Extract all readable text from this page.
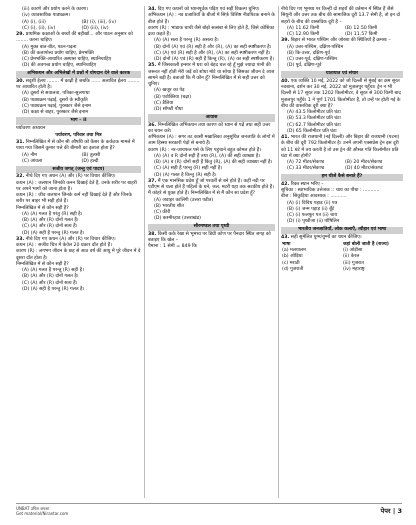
(iii) कारणे और प्रयोग करने के कारण।
(iv) व्यावसायिक पाठ्यक्रम।
(A) (i), (iii)	(B) (i), (iii), (iv)
(C) (i), (ii), (iv)	(D) (iii), (iv)
29. प्राथमिक कक्षाओं के बच्चों की बहीखों... और पाठन अनुसार को ........ करना चाहिए।
(A) मुक्त बात-बीत, पठन-पढ़ना
(B) की कलापोत्त्व प्रयोग चाहिए, प्रेमभक्ति
(C) प्रेमभक्ति-आधारित अस्यास चाहिए, स्थानिचाहिए
(D) की अवगत्त्व प्रयोग चाहिए, स्थानिचाहिए
अभिकथन और अभिलेखों में प्रश्नों में योगदान देने वाले कारक
30. सदृशी ईलय ........ में काढ़ी है जबकि ...... अलावित ईलय ........ पर आधारित होती है।
(A) दूसरों से सवालता, पत्रिका-सुलगाधा
(B) पाठ्यक्रम पढ़ाई, दूसरों के स्वीकृति
(C) पाठ्यक्रम पढ़ाई, पुरस्कार जैसे इनाम
(D) कक्षा से बाहर, पुरस्कार जैसे इनाम
भाग – II
पर्यावरण अध्ययन
पर्यावरण, परिवार तथा मित्र
31. निम्नलिखित में से कौन सी औषधि को कैसर के कर्कटक मामले में पाया गया जिसमें कुमार पत्ते की बीमारी का इलाज होता है?
(A) नीम	(B) तुलसी
(C) आंवला	(D) हल्दी
सजीव जगत् (जन्तु एवं पादप)
32. नीचे दिए गए अथन (A) और (R) पर विचार कीजिए।
कथन (A) : जलपान जिनकी कनन दिखाई देते हैं, उनके शरीर पर बाहरी पर अपने भागों को जाना होता है।
कथन (R) : जीव जलपान जिनके कर्म नहीं दिखाई देते हैं और जिनके शरीर पर बाहर भी सही होते हैं।
निम्नलिखित में से कौन सही है?
(A) (A) गलत है परंतु (R) सही है।
(B) (A) और (R) दोनों गलत हैं।
(C) (A) और (R) दोनों सत्य हैं।
(D) (A) सही है परन्तु (R) गलत है।
33. नीचे दिए गए कथन (A) और (R) पर विचार कीजिए।
कथन (A) : सजीव चित्र में केवेल 20 प्रकार दाँत होते हैं।
कारण (R) : लगभग जीवन के छह से आठ वर्ष की आयु में पूरे जीवन में वे दूसरा दाँत होता है।
निम्नलिखित में से कौन सही है?
(A) (A) गलत है परन्तु (R) सही है।
(B) (A) और (R) दोनों गलत है।
(C) (A) और (R) दोनों सत्य हैं।
(D) (A) सही है परन्तु (R) गलत है।
34. दिए गए कथनों को ध्यानपूर्वक पढ़िए एवं सही विकल्प चुनिए।
अभिकथन (A) : नव प्रजातियाँ के बीजों में सिर्फ़ विशिष्ट नीवपिटक बनाने के बीज होते हैं।
कारण (R) : भांडाक चाची जैसे बोझे सत्संबा से लिए होते हैं, जिसे कोशिका द्रव्य कहते हैं।
(A) (A) सत्य है परन्तु (R) असत्य है।
(B) दोनों (A) एवं (R) सही है और (R), (A) का सही स्पष्टीकरण है।
(C) (A) एवं (R) सही है और (R), (A) का सही स्पष्टीकरण नहीं है।
(D) दोनों (A) एवं (R) सही हैं किन्तु (R), (A) का सही स्पष्टीकरण है।
35. मैं जिसकाली इन्सार में धरा को बेहद चल रहे हूँ मुझे ज्यादा पानी की जरूरत नहीं होती मेरी जड़ें को शोधा मोटे या सोचा है जिसका जीवन दे आज सामने बड़ी है। बताओ कि मैं कौन हूँ? निम्नलिखित में से सही उत्तर को चुनिए।
(A) खजूर का पेड़
(B) एवोक्तिया (चढ़ा)
(C) डैलिया
(D) सॉफ्टी पौधा
आवास
36. निम्नलिखित अभिकथन तथा कारण को ध्यान से पढ़ें तथा सही उत्तर का चयन करें।
अभिकथन (A) : सगर तट कासी मखालिका अनुसूचित जनजाति के लोगों में आम हिस्सा सरकारी पेड़ों से बनाये हैं।
कारण (R) : नर-जायफल पसे के लिए पहुंचाने बहुत कोमल होते हैं।
(A) (A) व R दोनों सही हैं तथा (R), (A) की सही व्याख्या है।
(B) (A) व (R) दोनों सही हैं किंतु (R), (A) की सही व्याख्या नहीं है।
(C) (A) सही है परन्तु (R) सही नहीं है।
(D) (A) गलत है किन्तु (R) सही है।
37. मैं एक मानसिक प्रदेश हूँ जो परवर्ती से बने होते हैं। कहीं नदी पर एटीएम से चला होते हैं पहिलो के घने, जल, मटरी यहा तक सटकीय होते हैं। मैं कोहरे से युक्त होते हैं। निम्नलिखित में से मैं कौन सा प्रदेश हूँ?
(A) जवाहर कालिंगी (उत्तरा पडीत)
(B) भारतीय शीत
(C) कीरी
(D) कश्मीरहाड (उत्तराखंड)
सौरमण्डल तथा पृथ्वी
38. किसी कर्क रेखा से भूमध्य पर डिग्री कोण पर पैनदार स्थित जगह को बताइए कि खेल –
पैमाना : 1 सेमी = 849 कि
नीचे दिए गए भूमध्य पर किन्हीं दो शहरों की वर्तमान में स्थित हैं जैसे सियूनी और उत्तर तक बीच की सामाजिक दूरी 13.7 सेमी है, तो इन दो शहरों के बीच की वास्तविक दूरी है –
(A) 11.62 किमी	(B) 12.50 किमी
(C) 12.90 किमी	(D) 11.57 किमी
39. बिहार से भारत पश्चिम और जोरशा की स्थितियों हैं क्रमशः –
(A) उत्तर-पश्चिम, दक्षिण-पश्चिम
(B) कि-उत्तर, दक्षिण-पूर्व
(C) उत्तर-पूर्व, दक्षिण-पश्चिम
(D) पूर्व, दक्षिण-पूर्व
यातायात एवं संचार
40. एक व्यक्ति 10 मई, 2022 को जो दिल्ली से मुंबई का क्रम सूरत नवबाना, दर्शन कर 30 मई, 2022 को मुज़लपुर पहुँचा। ट्रेन न भी दिल्ली से 17 सूरत तक 1202 किलोमीटर, वे सूरत से 300 किमी बाद मुज़लपुर पहुँचे। 1 ने पूर्ण 1701 किलोमीटर हैं, तो उन्हें पर होती गई के बीच की वास्तविक दूरी क्या है?
(A) 43.5 किलोमीटर प्रति घंटा
(B) 53.3 किलोमीटर प्रति घंटा
(C) 62.7 किलोमीटर प्रति घंटा
(D) 65 किलोमीटर प्रति घंटा
41. भारत की राजधानी (नई दिल्ली) और बिहार की राजधानी (पटना) के बीच की दूरी 792 किलोमीटर है। उनमें अपनी एक्सप्रेस ट्रेन इस दूरी को 11 घंटे में तय करती है तो उस ट्रेन की औसत गति किलोमीटर प्रति घंटा में क्या होगी?
(A) 72 मीटर/सेकण्ड	(B) 20 मीटर/सेकण्ड
(C) 33 मीटर/सेकण्ड	(D) 40 मीटर/सेकण्ड
हम चीजें कैसे बनाते हैं?
42. रिक्त स्थान भरिए –
सूचिका : स्वाभाविक उत्तेजक :: चाय का पौधा : ...........
बीज : सिकुड़िया आवश्यक : ...........
(A) (i) विविध पहाड़ (ii) पत्र
(B) (i) जन्म पहाड़ (ii) बूँटे
(C) (i) फलफूर पत्र (ii) चाय
(D) (i) पृथ्वीजा (ii) पोषिलिन
भारतीय जनजातियाँ, लोक कलाएँ, त्यौहार एवं भाषा
43. सही सुमेलित युग्म/युग्मों का चयन कीजिए।
भाषा	जहां बोली जाती है (राज्य)
(a) मलयालम	(i) ओड़ीसा
(b) ओड़िया	(ii) केरल
(c) मराठी	(iii) गुजरात
(d) गुजराती	(iv) महाराष्ट्र
UNBAT उचित अयशा
Get material/Nirantar.com	पेपर | 3
